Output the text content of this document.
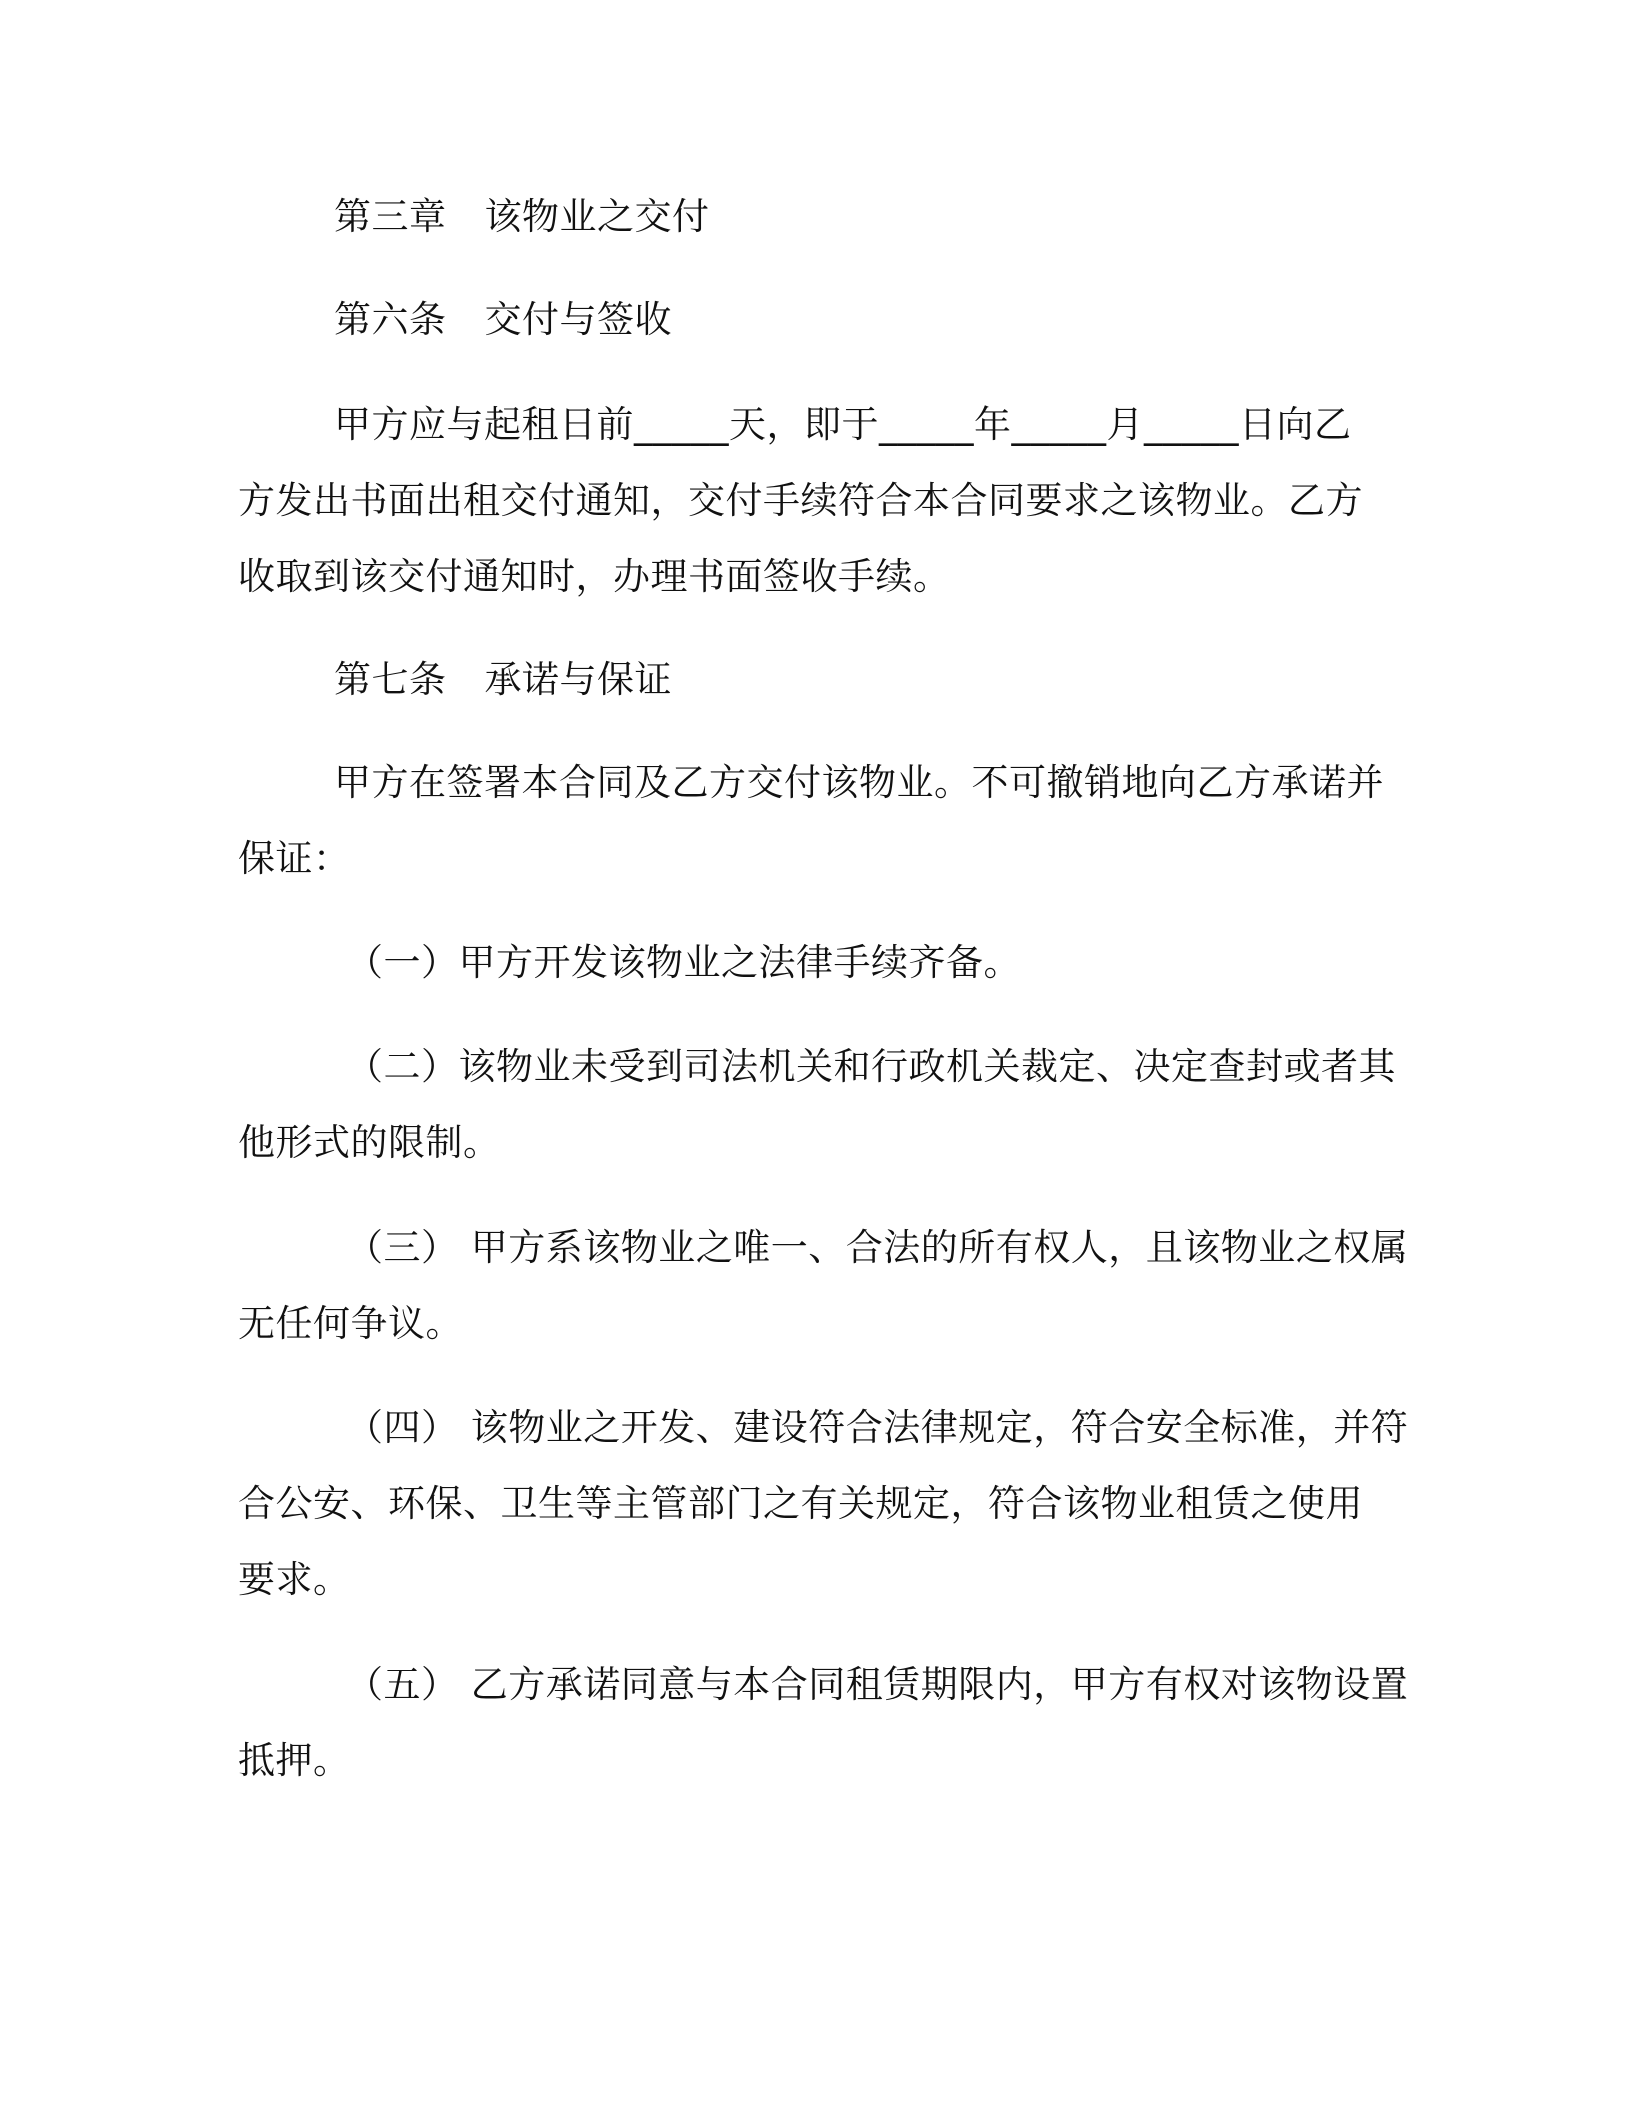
第三章 该物业之交付
第六条 交付与签收
甲方应与起租日前_____天，即于_____年_____月_____日向乙
方发出书面出租交付通知，交付手续符合本合同要求之该物业。乙方
收取到该交付通知时，办理书面签收手续。
第七条 承诺与保证
甲方在签署本合同及乙方交付该物业。不可撤销地向乙方承诺并
保证：
（一）甲方开发该物业之法律手续齐备。
（二）该物业未受到司法机关和行政机关裁定、决定查封或者其
他形式的限制。
（三） 甲方系该物业之唯一、合法的所有权人，且该物业之权属
无任何争议。
（四） 该物业之开发、建设符合法律规定，符合安全标准，并符
合公安、环保、卫生等主管部门之有关规定，符合该物业租赁之使用
要求。
（五） 乙方承诺同意与本合同租赁期限内，甲方有权对该物设置
抵押。
